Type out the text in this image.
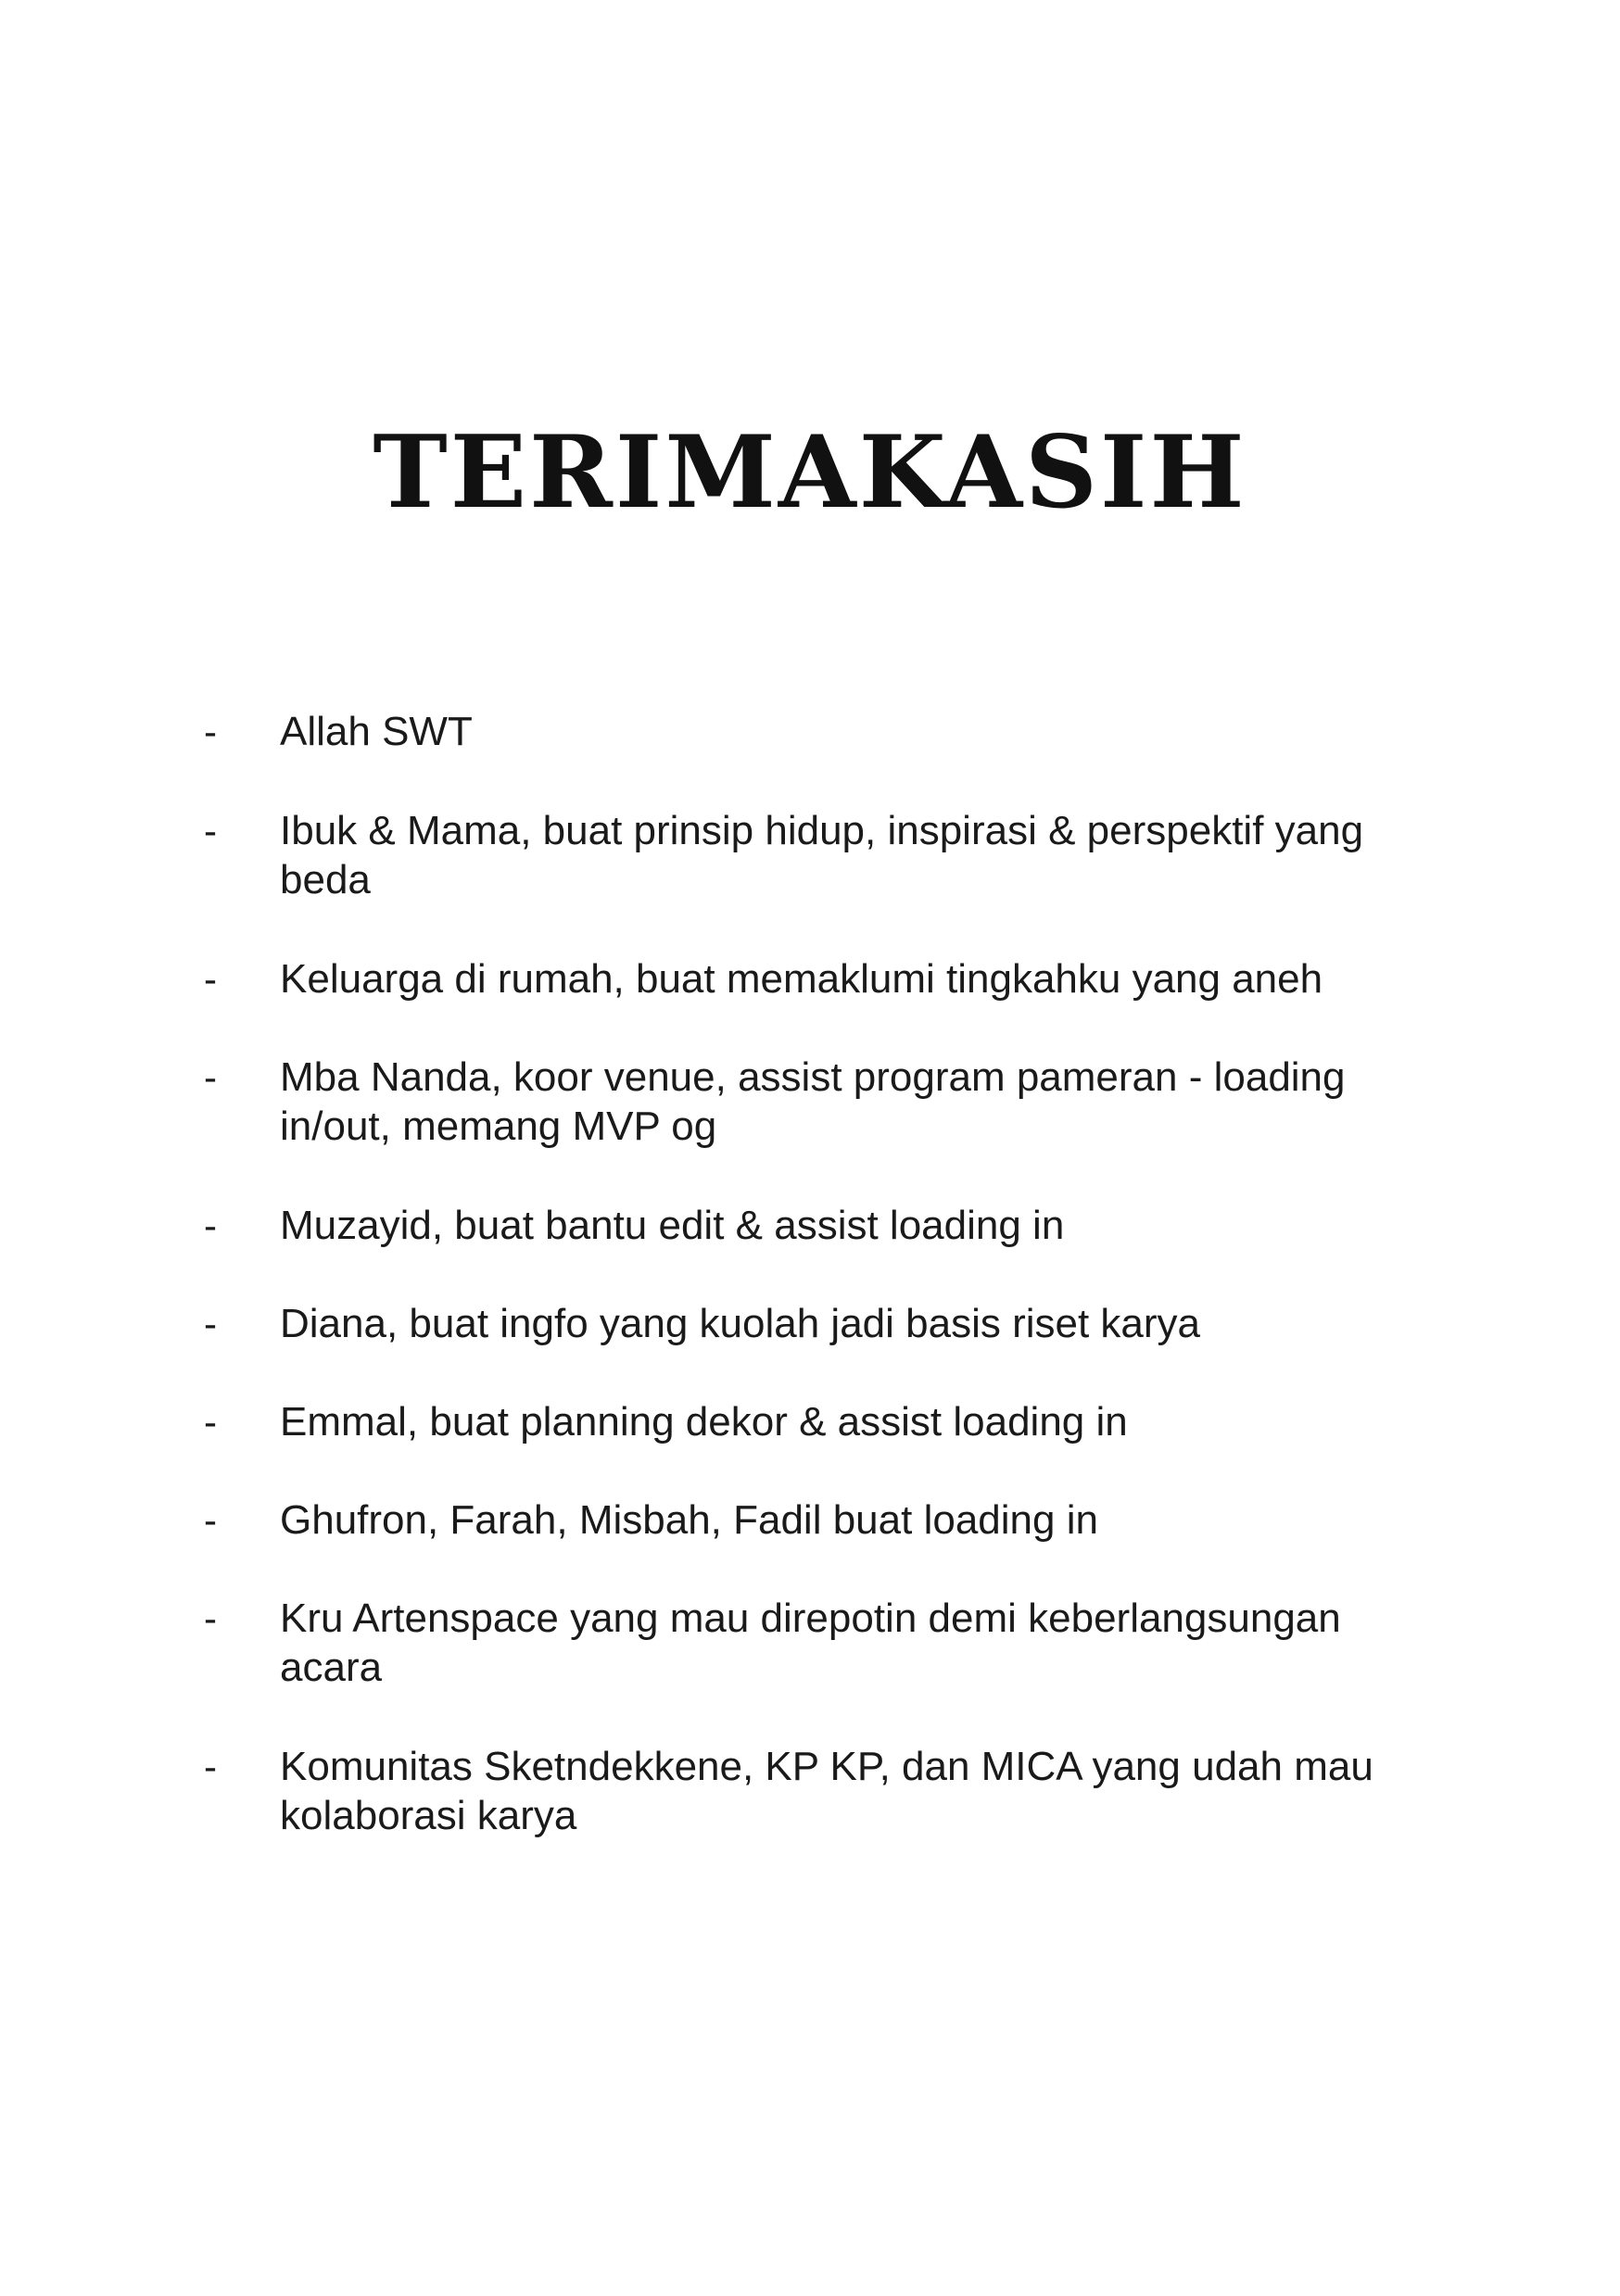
TERIMAKASIH
- Allah SWT
- Ibuk & Mama, buat prinsip hidup, inspirasi & perspektif yang beda
- Keluarga di rumah, buat memaklumi tingkahku yang aneh
- Mba Nanda, koor venue, assist program pameran - loading in/out, memang MVP og
- Muzayid, buat bantu edit & assist loading in
- Diana, buat ingfo yang kuolah jadi basis riset karya
- Emmal, buat planning dekor & assist loading in
- Ghufron, Farah, Misbah, Fadil buat loading in
- Kru Artenspace yang mau direpotin demi keberlangsungan acara
- Komunitas Sketndekkene, KP KP, dan MICA yang udah mau kolaborasi karya
